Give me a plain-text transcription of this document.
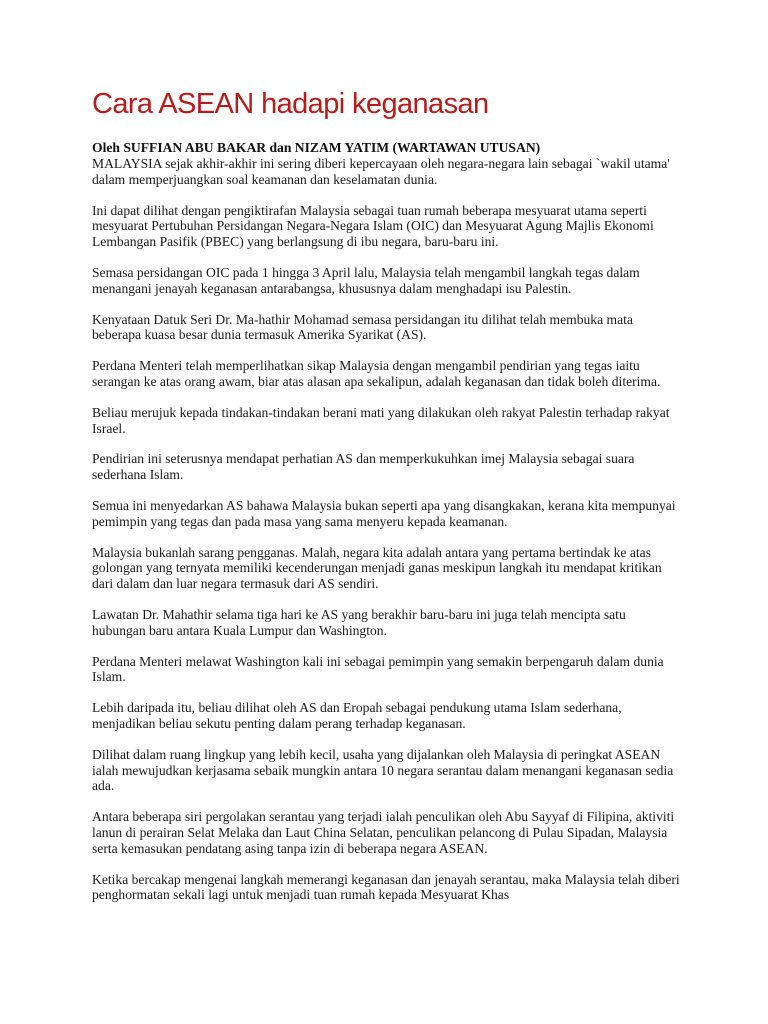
Cara ASEAN hadapi keganasan
Oleh SUFFIAN ABU BAKAR dan NIZAM YATIM (WARTAWAN UTUSAN)

MALAYSIA sejak akhir-akhir ini sering diberi kepercayaan oleh negara-negara lain sebagai `wakil utama' dalam memperjuangkan soal keamanan dan keselamatan dunia.

Ini dapat dilihat dengan pengiktirafan Malaysia sebagai tuan rumah beberapa mesyuarat utama seperti mesyuarat Pertubuhan Persidangan Negara-Negara Islam (OIC) dan Mesyuarat Agung Majlis Ekonomi Lembangan Pasifik (PBEC) yang berlangsung di ibu negara, baru-baru ini.

Semasa persidangan OIC pada 1 hingga 3 April lalu, Malaysia telah mengambil langkah tegas dalam menangani jenayah keganasan antarabangsa, khususnya dalam menghadapi isu Palestin.

Kenyataan Datuk Seri Dr. Ma-hathir Mohamad semasa persidangan itu dilihat telah membuka mata beberapa kuasa besar dunia termasuk Amerika Syarikat (AS).

Perdana Menteri telah memperlihatkan sikap Malaysia dengan mengambil pendirian yang tegas iaitu serangan ke atas orang awam, biar atas alasan apa sekalipun, adalah keganasan dan tidak boleh diterima.

Beliau merujuk kepada tindakan-tindakan berani mati yang dilakukan oleh rakyat Palestin terhadap rakyat Israel.

Pendirian ini seterusnya mendapat perhatian AS dan memperkukuhkan imej Malaysia sebagai suara sederhana Islam.

Semua ini menyedarkan AS bahawa Malaysia bukan seperti apa yang disangkakan, kerana kita mempunyai pemimpin yang tegas dan pada masa yang sama menyeru kepada keamanan.

Malaysia bukanlah sarang pengganas. Malah, negara kita adalah antara yang pertama bertindak ke atas golongan yang ternyata memiliki kecenderungan menjadi ganas meskipun langkah itu mendapat kritikan dari dalam dan luar negara termasuk dari AS sendiri.

Lawatan Dr. Mahathir selama tiga hari ke AS yang berakhir baru-baru ini juga telah mencipta satu hubungan baru antara Kuala Lumpur dan Washington.

Perdana Menteri melawat Washington kali ini sebagai pemimpin yang semakin berpengaruh dalam dunia Islam.

Lebih daripada itu, beliau dilihat oleh AS dan Eropah sebagai pendukung utama Islam sederhana, menjadikan beliau sekutu penting dalam perang terhadap keganasan.

Dilihat dalam ruang lingkup yang lebih kecil, usaha yang dijalankan oleh Malaysia di peringkat ASEAN ialah mewujudkan kerjasama sebaik mungkin antara 10 negara serantau dalam menangani keganasan sedia ada.

Antara beberapa siri pergolakan serantau yang terjadi ialah penculikan oleh Abu Sayyaf di Filipina, aktiviti lanun di perairan Selat Melaka dan Laut China Selatan, penculikan pelancong di Pulau Sipadan, Malaysia serta kemasukan pendatang asing tanpa izin di beberapa negara ASEAN.

Ketika bercakap mengenai langkah memerangi keganasan dan jenayah serantau, maka Malaysia telah diberi penghormatan sekali lagi untuk menjadi tuan rumah kepada Mesyuarat Khas
